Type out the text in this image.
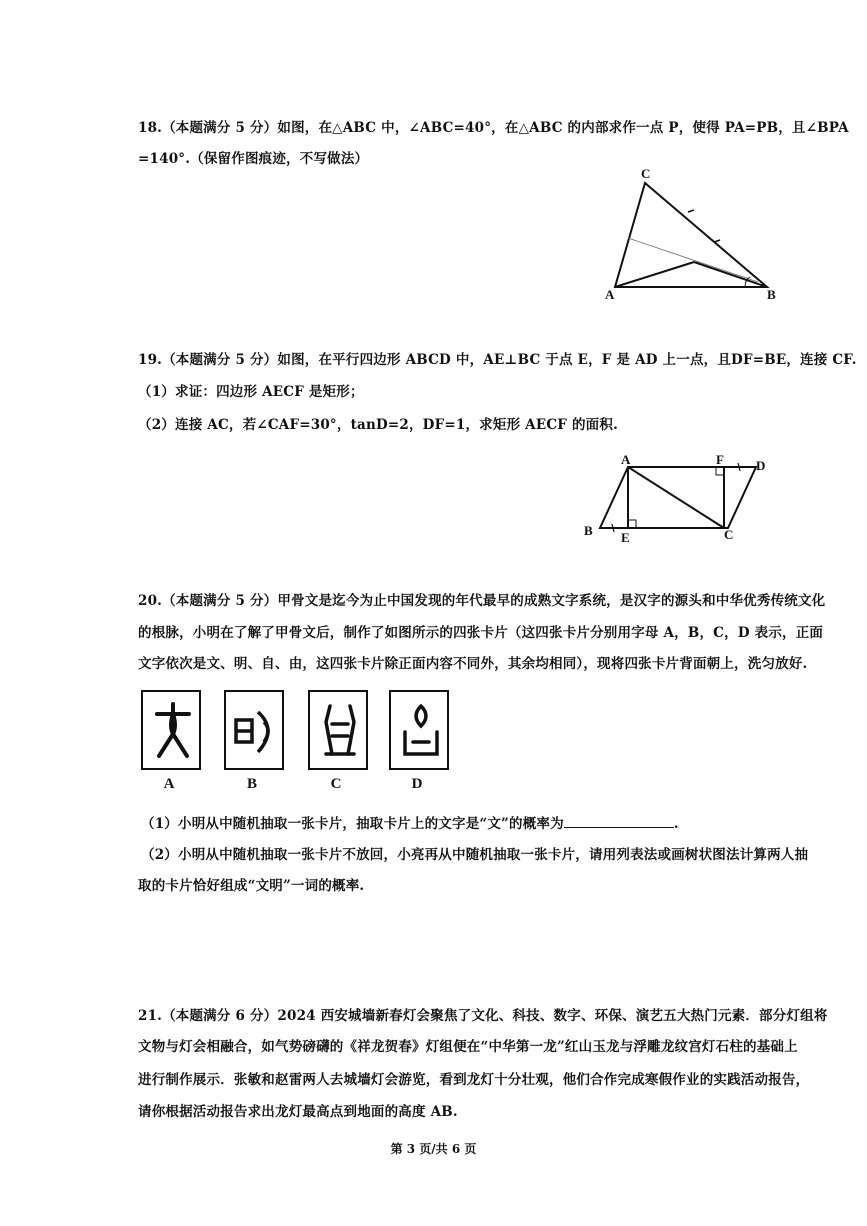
18.（本题满分 5 分）如图，在△ABC 中，∠ABC=40°，在△ABC 的内部求作一点 P，使得 PA=PB，且∠BPA
=140°.（保留作图痕迹，不写做法）
C
A	B
19.（本题满分 5 分）如图，在平行四边形 ABCD 中，AE⊥BC 于点 E，F 是 AD 上一点，且DF=BE，连接 CF.
（1）求证：四边形 AECF 是矩形；
（2）连接 AC，若∠CAF=30°，tanD=2，DF=1，求矩形 AECF 的面积.
A	F D
B E	C
20.（本题满分 5 分）甲骨文是迄今为止中国发现的年代最早的成熟文字系统，是汉字的源头和中华优秀传统文化
的根脉，小明在了解了甲骨文后，制作了如图所示的四张卡片（这四张卡片分别用字母 A，B，C，D 表示，正面
文字依次是文、明、自、由，这四张卡片除正面内容不同外，其余均相同），现将四张卡片背面朝上，洗匀放好.
A	B	C	D
（1）小明从中随机抽取一张卡片，抽取卡片上的文字是“文”的概率为	.
（2）小明从中随机抽取一张卡片不放回，小亮再从中随机抽取一张卡片，请用列表法或画树状图法计算两人抽
取的卡片恰好组成“文明”一词的概率.
21.（本题满分 6 分）2024 西安城墙新春灯会聚焦了文化、科技、数字、环保、演艺五大热门元素．部分灯组将
文物与灯会相融合，如气势磅礴的《祥龙贺春》灯组便在“中华第一龙”红山玉龙与浮雕龙纹宫灯石柱的基础上
进行制作展示．张敏和赵雷两人去城墙灯会游览，看到龙灯十分壮观，他们合作完成寒假作业的实践活动报告，
请你根据活动报告求出龙灯最高点到地面的高度 AB.
第 3 页/共 6 页
